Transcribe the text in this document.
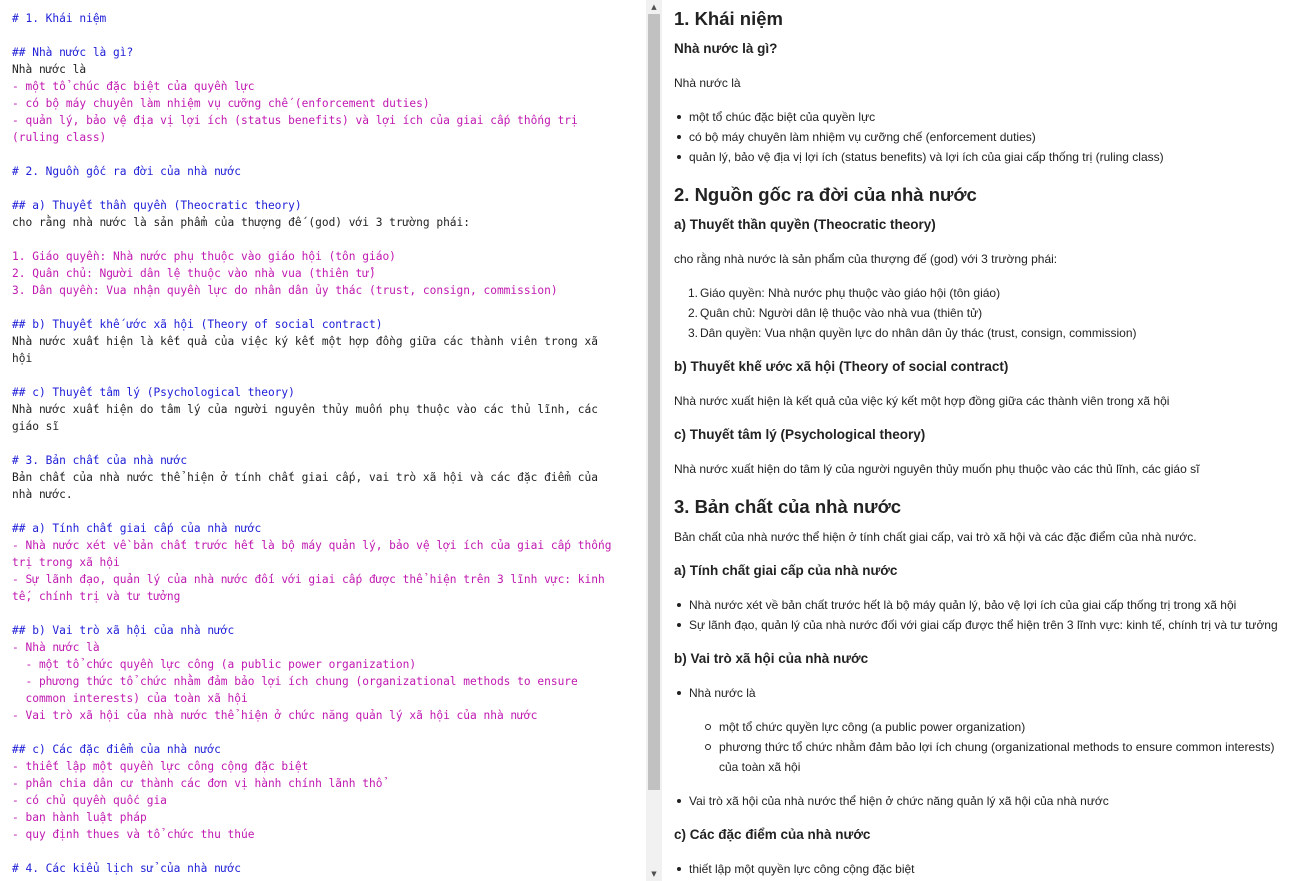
# 1. Khái niệm
## Nhà nước là gì?
Nhà nước là
- một tổ chúc đặc biệt của quyền lực
- có bộ máy chuyên làm nhiệm vụ cưỡng chế (enforcement duties)
- quản lý, bảo vệ địa vị lợi ích (status benefits) và lợi ích của giai cấp thống trị
(ruling class)
# 2. Nguồn gốc ra đời của nhà nước
## a) Thuyết thần quyền (Theocratic theory)
cho rằng nhà nước là sản phẩm của thượng đế (god) với 3 trường phái:
1. Giáo quyền: Nhà nước phụ thuộc vào giáo hội (tôn giáo)
2. Quân chủ: Người dân lệ thuộc vào nhà vua (thiên tử)
3. Dân quyền: Vua nhận quyền lực do nhân dân ủy thác (trust, consign, commission)
## b) Thuyết khế ước xã hội (Theory of social contract)
Nhà nước xuất hiện là kết quả của việc ký kết một hợp đồng giữa các thành viên trong xã
hội
## c) Thuyết tâm lý (Psychological theory)
Nhà nước xuất hiện do tâm lý của người nguyên thủy muốn phụ thuộc vào các thủ lĩnh, các
giáo sĩ
# 3. Bản chất của nhà nước
Bản chất của nhà nước thể hiện ở tính chất giai cấp, vai trò xã hội và các đặc điểm của
nhà nước.
## a) Tính chất giai cấp của nhà nước
- Nhà nước xét về bản chất trước hết là bộ máy quản lý, bảo vệ lợi ích của giai cấp thống
trị trong xã hội
- Sự lãnh đạo, quản lý của nhà nước đối với giai cấp được thể hiện trên 3 lĩnh vực: kinh
tế, chính trị và tư tưởng
## b) Vai trò xã hội của nhà nước
- Nhà nước là
- một tổ chức quyền lực công (a public power organization)
- phương thức tổ chức nhằm đảm bảo lợi ích chung (organizational methods to ensure
common interests) của toàn xã hội
- Vai trò xã hội của nhà nước thể hiện ở chức năng quản lý xã hội của nhà nước
## c) Các đặc điểm của nhà nước
- thiết lập một quyền lực công cộng đặc biệt
- phân chia dân cư thành các đơn vị hành chính lãnh thổ
- có chủ quyền quốc gia
- ban hành luật pháp
- quy định thues và tổ chức thu thúe
# 4. Các kiểu lịch sử của nhà nước
▲
▼
1. Khái niệm
Nhà nước là gì?
Nhà nước là
một tổ chúc đặc biệt của quyền lực
có bộ máy chuyên làm nhiệm vụ cưỡng chế (enforcement duties)
quản lý, bảo vệ địa vị lợi ích (status benefits) và lợi ích của giai cấp thống trị (ruling class)
2. Nguồn gốc ra đời của nhà nước
a) Thuyết thần quyền (Theocratic theory)
cho rằng nhà nước là sản phẩm của thượng đế (god) với 3 trường phái:
1. Giáo quyền: Nhà nước phụ thuộc vào giáo hội (tôn giáo)
2. Quân chủ: Người dân lệ thuộc vào nhà vua (thiên tử)
3. Dân quyền: Vua nhận quyền lực do nhân dân ủy thác (trust, consign, commission)
b) Thuyết khế ước xã hội (Theory of social contract)
Nhà nước xuất hiện là kết quả của việc ký kết một hợp đồng giữa các thành viên trong xã hội
c) Thuyết tâm lý (Psychological theory)
Nhà nước xuất hiện do tâm lý của người nguyên thủy muốn phụ thuộc vào các thủ lĩnh, các giáo sĩ
3. Bản chất của nhà nước
Bản chất của nhà nước thể hiện ở tính chất giai cấp, vai trò xã hội và các đặc điểm của nhà nước.
a) Tính chất giai cấp của nhà nước
Nhà nước xét về bản chất trước hết là bộ máy quản lý, bảo vệ lợi ích của giai cấp thống trị trong xã hội
Sự lãnh đạo, quản lý của nhà nước đối với giai cấp được thể hiện trên 3 lĩnh vực: kinh tế, chính trị và tư tưởng
b) Vai trò xã hội của nhà nước
Nhà nước là
một tổ chức quyền lực công (a public power organization)
phương thức tổ chức nhằm đảm bảo lợi ích chung (organizational methods to ensure common interests) của toàn xã hội
Vai trò xã hội của nhà nước thể hiện ở chức năng quản lý xã hội của nhà nước
c) Các đặc điểm của nhà nước
thiết lập một quyền lực công cộng đặc biệt
